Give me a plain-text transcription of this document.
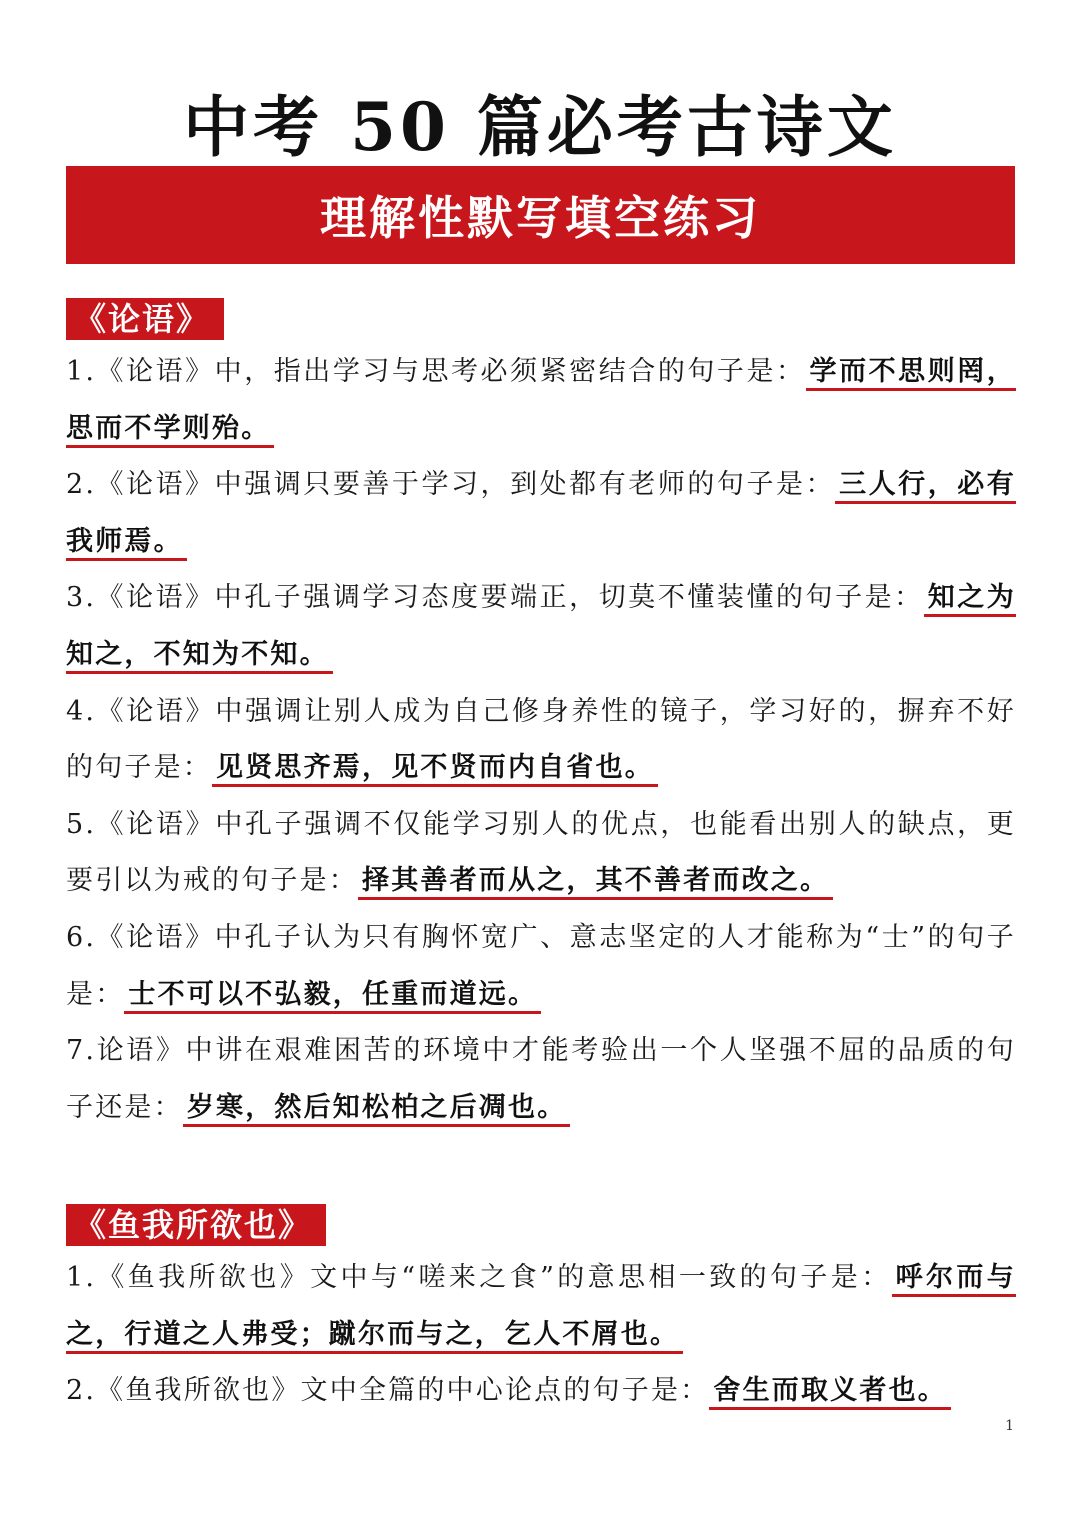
中考 50 篇必考古诗文
理解性默写填空练习
《论语》

1.《论语》中，指出学习与思考必须紧密结合的句子是： 学而不思则罔，思而不学则殆。

2.《论语》中强调只要善于学习，到处都有老师的句子是： 三人行，必有我师焉。

3.《论语》中孔子强调学习态度要端正，切莫不懂装懂的句子是： 知之为知之，不知为不知。

4.《论语》中强调让别人成为自己修身养性的镜子，学习好的，摒弃不好的句子是： 见贤思齐焉，见不贤而内自省也。

5.《论语》中孔子强调不仅能学习别人的优点，也能看出别人的缺点，更要引以为戒的句子是： 择其善者而从之，其不善者而改之。

6.《论语》中孔子认为只有胸怀宽广、意志坚定的人才能称为“士”的句子是： 士不可以不弘毅，任重而道远。

7.论语》中讲在艰难困苦的环境中才能考验出一个人坚强不屈的品质的句子还是： 岁寒，然后知松柏之后凋也。

《鱼我所欲也》

1.《鱼我所欲也》文中与“嗟来之食”的意思相一致的句子是： 呼尔而与之，行道之人弗受；蹴尔而与之，乞人不屑也。

2.《鱼我所欲也》文中全篇的中心论点的句子是： 舍生而取义者也。

1
